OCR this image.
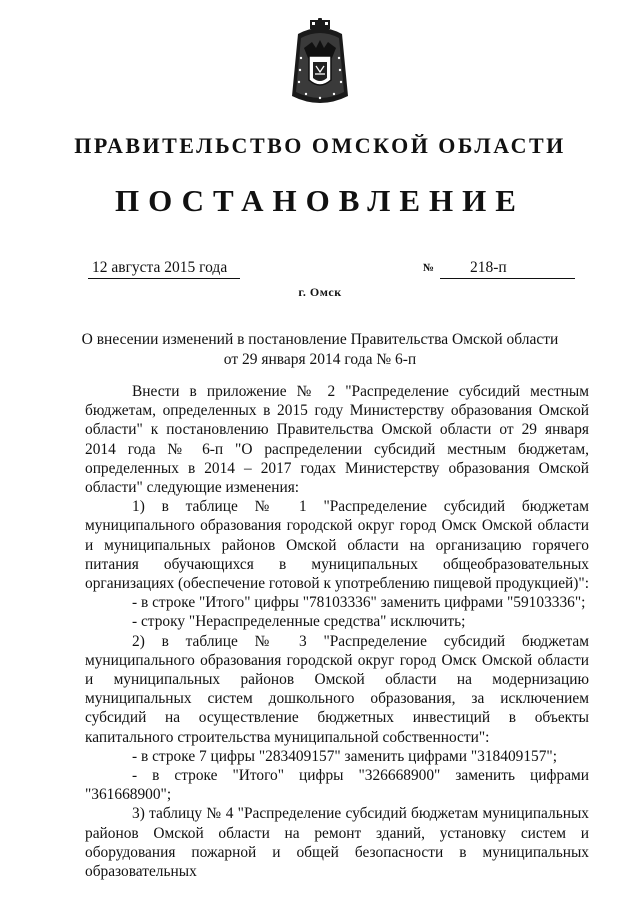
ПРАВИТЕЛЬСТВО ОМСКОЙ ОБЛАСТИ
ПОСТАНОВЛЕНИЕ
12 августа 2015 года	№	218-п
г. Омск
О внесении изменений в постановление Правительства Омской области
от 29 января 2014 года № 6-п

Внести в приложение № 2 "Распределение субсидий местным бюджетам, определенных в 2015 году Министерству образования Омской области" к постановлению Правительства Омской области от 29 января 2014 года № 6-п "О распределении субсидий местным бюджетам, определенных в 2014 – 2017 годах Министерству образования Омской области" следующие изменения:

1) в таблице № 1 "Распределение субсидий бюджетам муниципального образования городской округ город Омск Омской области и муниципальных районов Омской области на организацию горячего питания обучающихся в муниципальных общеобразовательных организациях (обеспечение готовой к употреблению пищевой продукцией)":

- в строке "Итого" цифры "78103336" заменить цифрами "59103336";

- строку "Нераспределенные средства" исключить;

2) в таблице № 3 "Распределение субсидий бюджетам муниципального образования городской округ город Омск Омской области и муниципальных районов Омской области на модернизацию муниципальных систем дошкольного образования, за исключением субсидий на осуществление бюджетных инвестиций в объекты капитального строительства муниципальной собственности":

- в строке 7 цифры "283409157" заменить цифрами "318409157";

- в строке "Итого" цифры "326668900" заменить цифрами "361668900";

3) таблицу № 4 "Распределение субсидий бюджетам муниципальных районов Омской области на ремонт зданий, установку систем и оборудования пожарной и общей безопасности в муниципальных образовательных
